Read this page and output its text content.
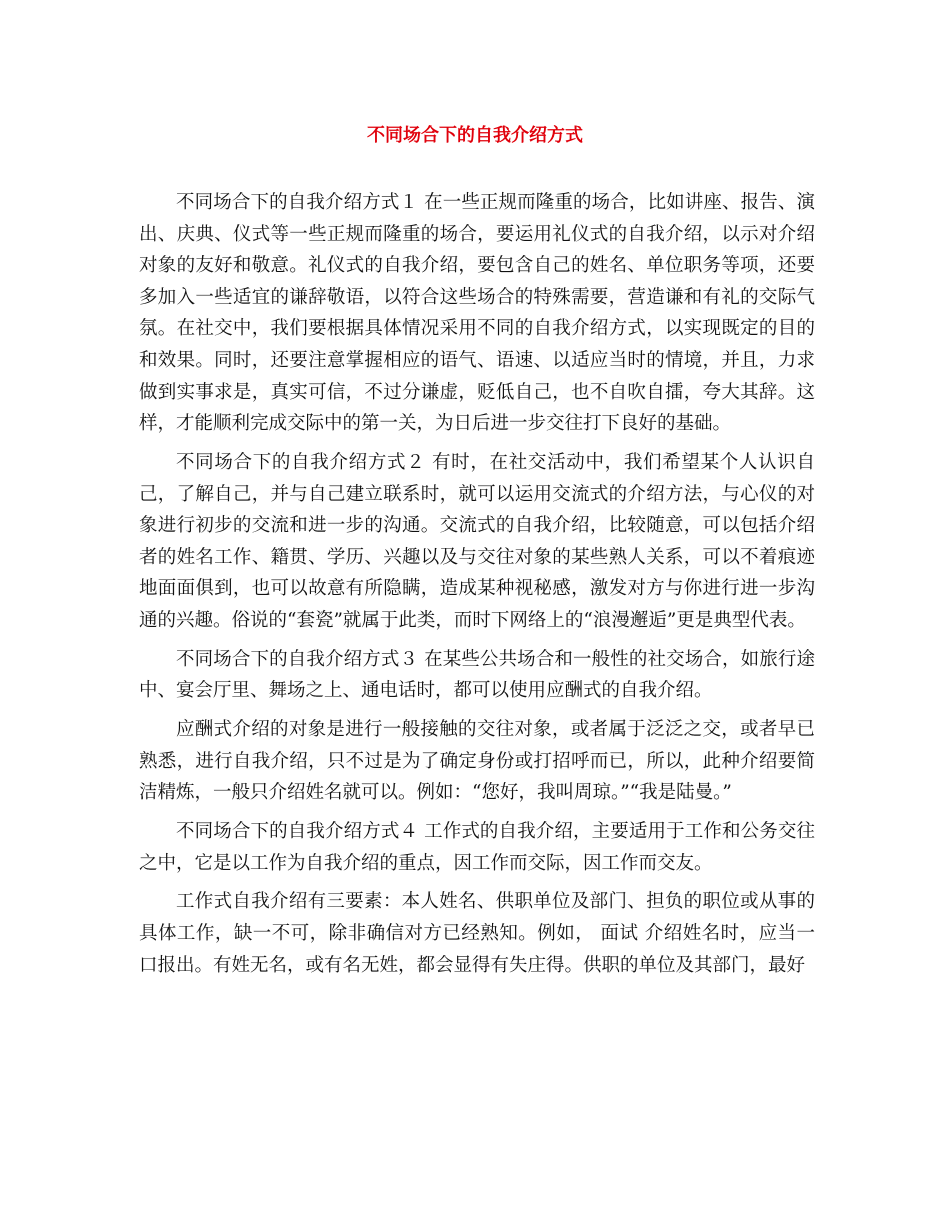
不同场合下的自我介绍方式

不同场合下的自我介绍方式１ 在一些正规而隆重的场合，比如讲座、报告、演出、庆典、仪式等一些正规而隆重的场合，要运用礼仪式的自我介绍，以示对介绍对象的友好和敬意。礼仪式的自我介绍，要包含自己的姓名、单位职务等项，还要多加入一些适宜的谦辞敬语，以符合这些场合的特殊需要，营造谦和有礼的交际气氛。在社交中，我们要根据具体情况采用不同的自我介绍方式，以实现既定的目的和效果。同时，还要注意掌握相应的语气、语速、以适应当时的情境，并且，力求做到实事求是，真实可信，不过分谦虚，贬低自己，也不自吹自擂，夸大其辞。这样，才能顺利完成交际中的第一关，为日后进一步交往打下良好的基础。

不同场合下的自我介绍方式２ 有时，在社交活动中，我们希望某个人认识自己，了解自己，并与自己建立联系时，就可以运用交流式的介绍方法，与心仪的对象进行初步的交流和进一步的沟通。交流式的自我介绍，比较随意，可以包括介绍者的姓名工作、籍贯、学历、兴趣以及与交往对象的某些熟人关系，可以不着痕迹地面面俱到，也可以故意有所隐瞒，造成某种视秘感，激发对方与你进行进一步沟通的兴趣。俗说的“套瓷”就属于此类，而时下网络上的“浪漫邂逅”更是典型代表。

不同场合下的自我介绍方式３ 在某些公共场合和一般性的社交场合，如旅行途中、宴会厅里、舞场之上、通电话时，都可以使用应酬式的自我介绍。

应酬式介绍的对象是进行一般接触的交往对象，或者属于泛泛之交，或者早已熟悉，进行自我介绍，只不过是为了确定身份或打招呼而已，所以，此种介绍要简洁精炼，一般只介绍姓名就可以。例如：“您好，我叫周琼。”“我是陆曼。”

不同场合下的自我介绍方式４ 工作式的自我介绍，主要适用于工作和公务交往之中，它是以工作为自我介绍的重点，因工作而交际，因工作而交友。

工作式自我介绍有三要素：本人姓名、供职单位及部门、担负的职位或从事的具体工作，缺一不可，除非确信对方已经熟知。例如， 面试 介绍姓名时，应当一口报出。有姓无名，或有名无姓，都会显得有失庄得。供职的单位及其部门，最好
